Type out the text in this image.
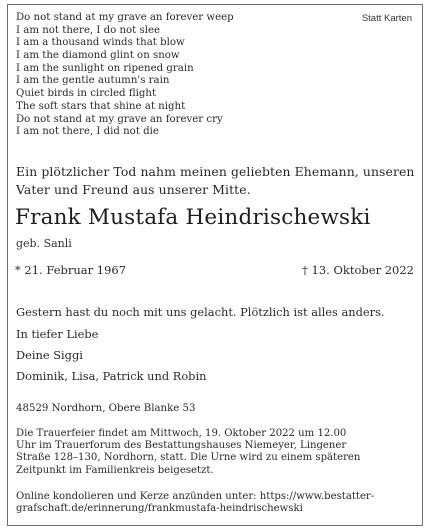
Statt Karten
Do not stand at my grave an forever weep
I am not there, I do not slee
I am a thousand winds that blow
I am the diamond glint on snow
I am the sunlight on ripened grain
I am the gentle autumn's rain
Quiet birds in circled flight
The soft stars that shine at night
Do not stand at my grave an forever cry
I am not there, I did not die
Ein plötzlicher Tod nahm meinen geliebten Ehemann, unseren
Vater und Freund aus unserer Mitte.
Frank Mustafa Heindrischewski
geb. Sanli
* 21. Februar 1967	† 13. Oktober 2022
Gestern hast du noch mit uns gelacht. Plötzlich ist alles anders.
In tiefer Liebe
Deine Siggi
Dominik, Lisa, Patrick und Robin
48529 Nordhorn, Obere Blanke 53
Die Trauerfeier findet am Mittwoch, 19. Oktober 2022 um 12.00
Uhr im Trauerforum des Bestattungshauses Niemeyer, Lingener
Straße 128–130, Nordhorn, statt. Die Urne wird zu einem späteren
Zeitpunkt im Familienkreis beigesetzt.
Online kondolieren und Kerze anzünden unter: https://www.bestatter-
grafschaft.de/erinnerung/frankmustafa-heindrischewski
